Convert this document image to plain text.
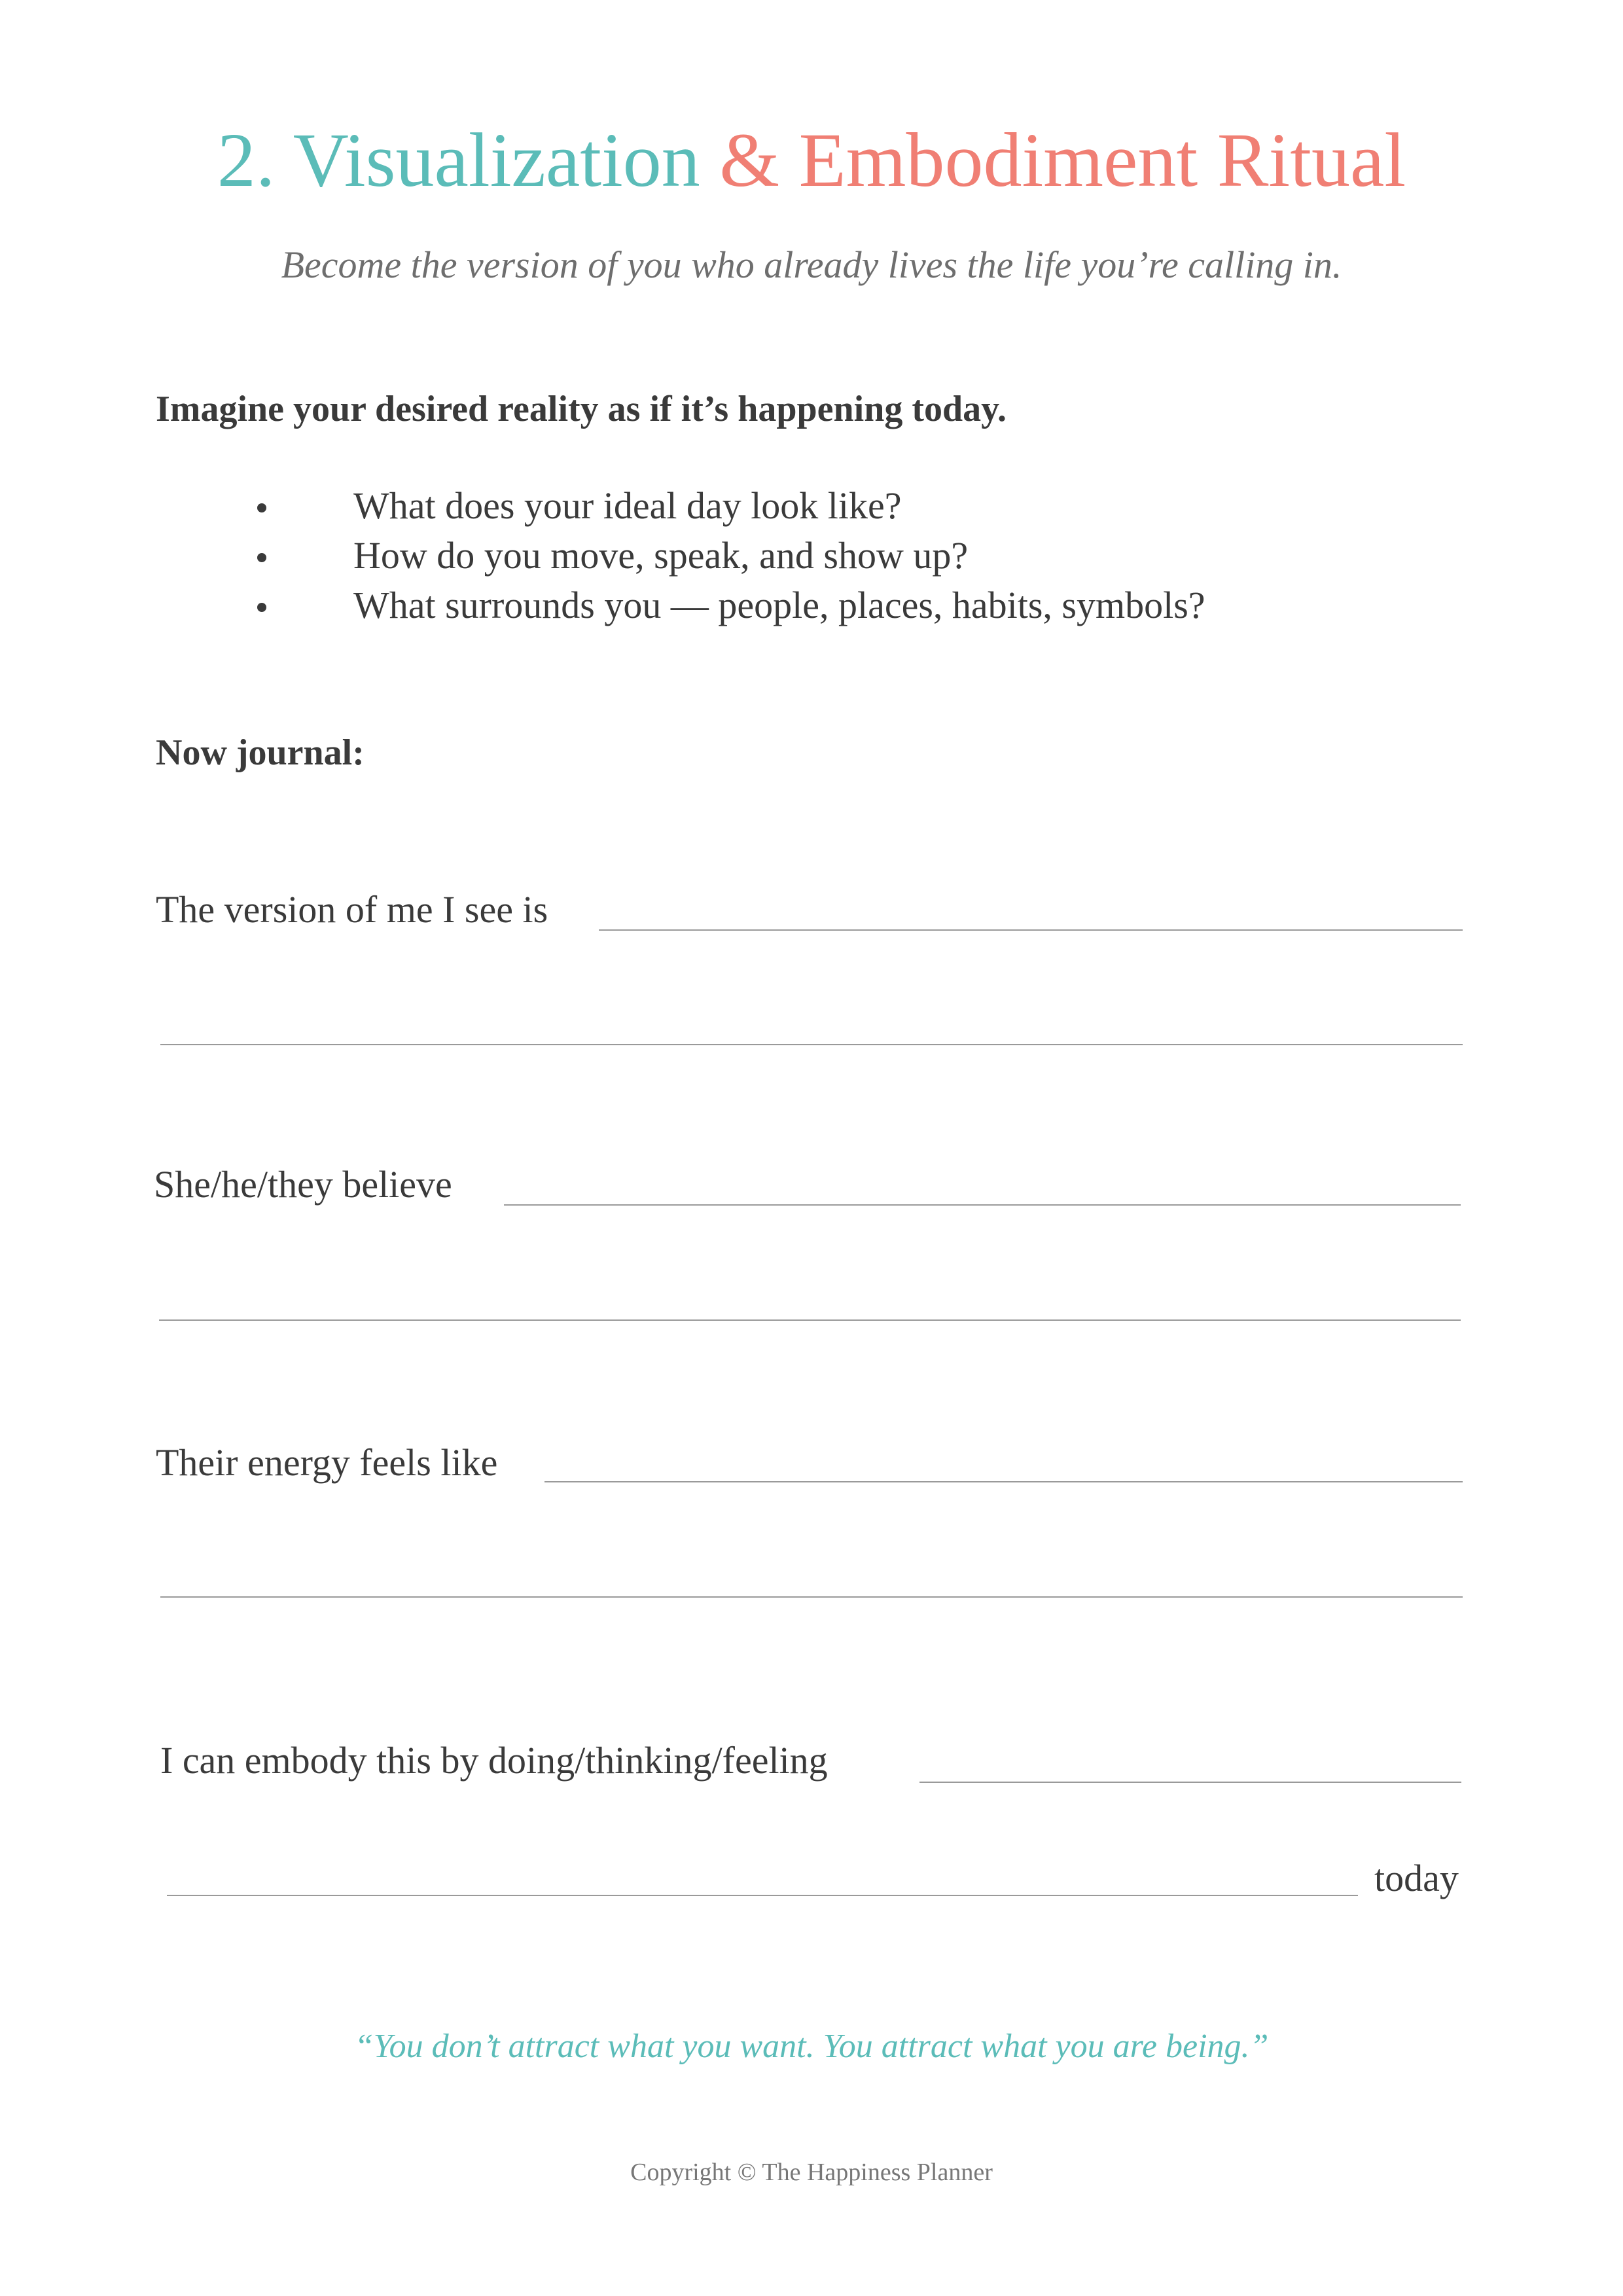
2. Visualization & Embodiment Ritual
Become the version of you who already lives the life you’re calling in.
Imagine your desired reality as if it’s happening today.
What does your ideal day look like?
How do you move, speak, and show up?
What surrounds you — people, places, habits, symbols?
Now journal:
The version of me I see is
She/he/they believe
Their energy feels like
I can embody this by doing/thinking/feeling
today
“You don’t attract what you want. You attract what you are being.”
Copyright © The Happiness Planner
